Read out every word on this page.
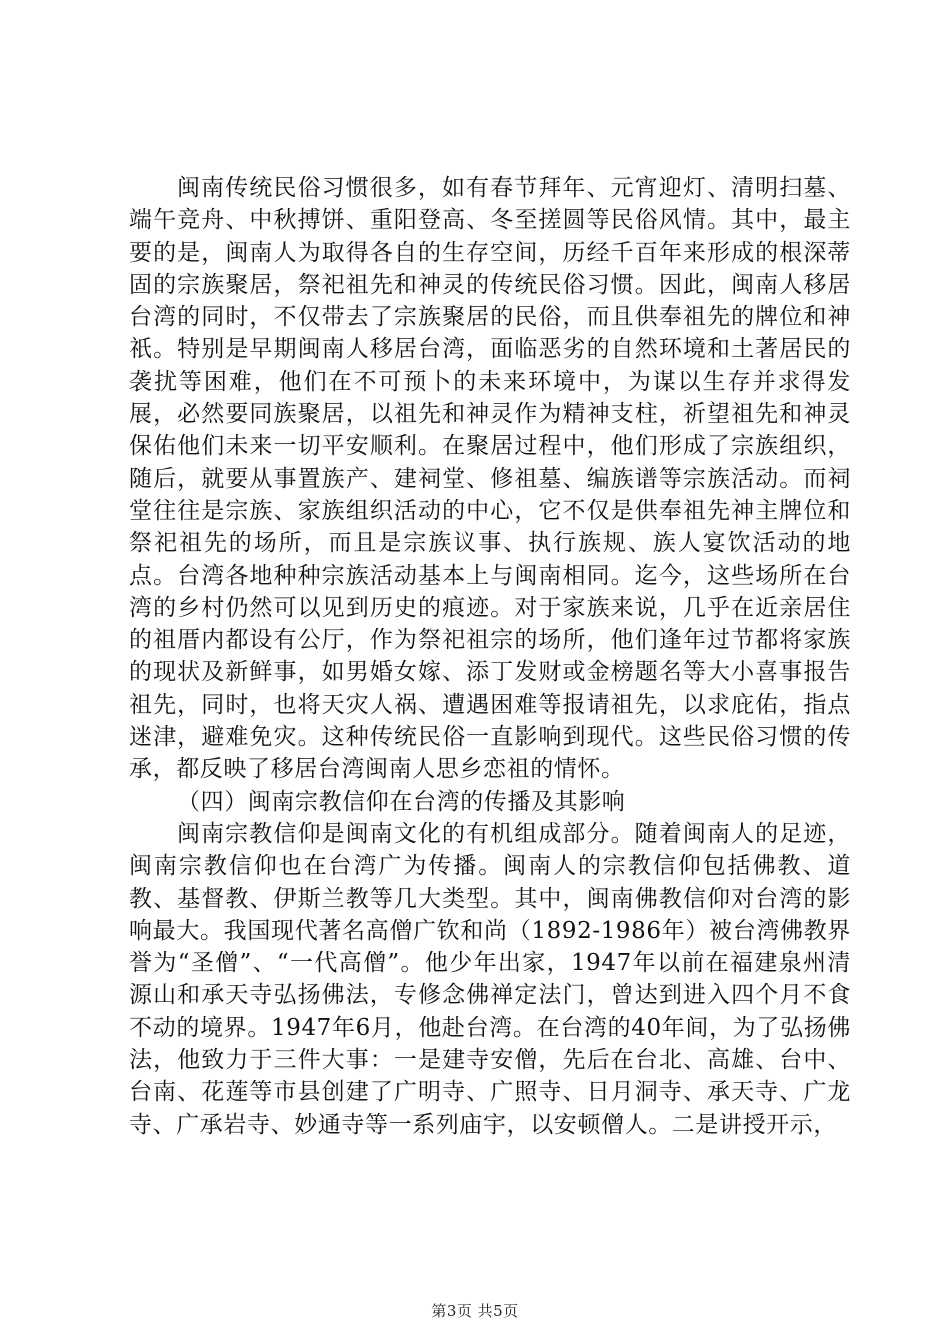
闽南传统民俗习惯很多，如有春节拜年、元宵迎灯、清明扫墓、端午竞舟、中秋搏饼、重阳登高、冬至搓圆等民俗风情。其中，最主要的是，闽南人为取得各自的生存空间，历经千百年来形成的根深蒂固的宗族聚居，祭祀祖先和神灵的传统民俗习惯。因此，闽南人移居台湾的同时，不仅带去了宗族聚居的民俗，而且供奉祖先的牌位和神祇。特别是早期闽南人移居台湾，面临恶劣的自然环境和土著居民的袭扰等困难，他们在不可预卜的未来环境中，为谋以生存并求得发展，必然要同族聚居，以祖先和神灵作为精神支柱，祈望祖先和神灵保佑他们未来一切平安顺利。在聚居过程中，他们形成了宗族组织，随后，就要从事置族产、建祠堂、修祖墓、编族谱等宗族活动。而祠堂往往是宗族、家族组织活动的中心，它不仅是供奉祖先神主牌位和祭祀祖先的场所，而且是宗族议事、执行族规、族人宴饮活动的地点。台湾各地种种宗族活动基本上与闽南相同。迄今，这些场所在台湾的乡村仍然可以见到历史的痕迹。对于家族来说，几乎在近亲居住的祖厝内都设有公厅，作为祭祀祖宗的场所，他们逢年过节都将家族的现状及新鲜事，如男婚女嫁、添丁发财或金榜题名等大小喜事报告祖先，同时，也将天灾人祸、遭遇困难等报请祖先，以求庇佑，指点迷津，避难免灾。这种传统民俗一直影响到现代。这些民俗习惯的传承，都反映了移居台湾闽南人思乡恋祖的情怀。

（四）闽南宗教信仰在台湾的传播及其影响

闽南宗教信仰是闽南文化的有机组成部分。随着闽南人的足迹，闽南宗教信仰也在台湾广为传播。闽南人的宗教信仰包括佛教、道教、基督教、伊斯兰教等几大类型。其中，闽南佛教信仰对台湾的影响最大。我国现代著名高僧广钦和尚（1892-1986年）被台湾佛教界誉为“圣僧”、“一代高僧”。他少年出家，1947年以前在福建泉州清源山和承天寺弘扬佛法，专修念佛禅定法门，曾达到进入四个月不食不动的境界。1947年6月，他赴台湾。在台湾的40年间，为了弘扬佛法，他致力于三件大事：一是建寺安僧，先后在台北、高雄、台中、台南、花莲等市县创建了广明寺、广照寺、日月洞寺、承天寺、广龙寺、广承岩寺、妙通寺等一系列庙宇，以安顿僧人。二是讲授开示，

第3页 共5页
